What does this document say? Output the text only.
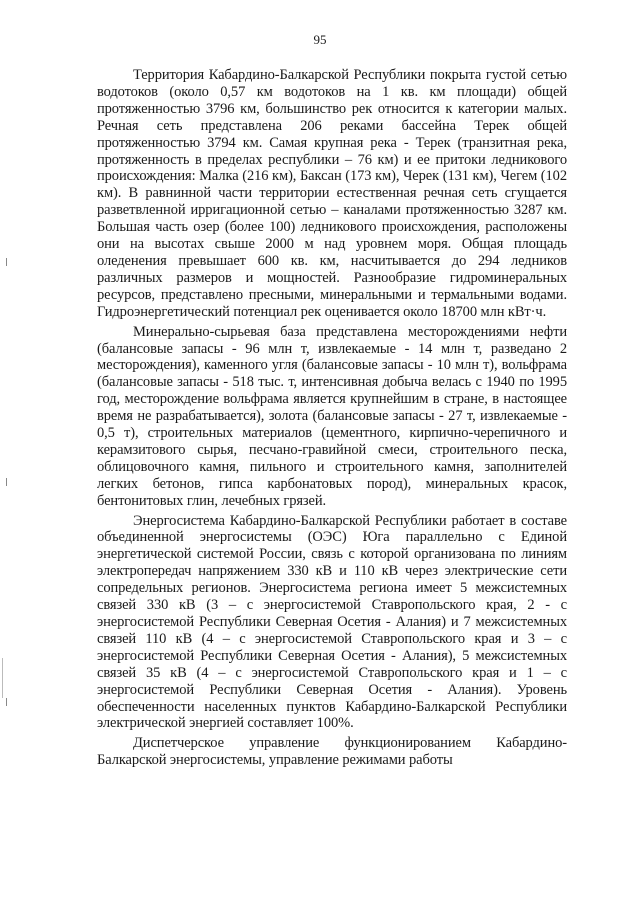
95

Территория Кабардино-Балкарской Республики покрыта густой сетью водотоков (около 0,57 км водотоков на 1 кв. км площади) общей протяженностью 3796 км, большинство рек относится к категории малых. Речная сеть представлена 206 реками бассейна Терек общей протяженностью 3794 км. Самая крупная река - Терек (транзитная река, протяженность в пределах республики – 76 км) и ее притоки ледникового происхождения: Малка (216 км), Баксан (173 км), Черек (131 км), Чегем (102 км). В равнинной части территории естественная речная сеть сгущается разветвленной ирригационной сетью – каналами протяженностью 3287 км. Большая часть озер (более 100) ледникового происхождения, расположены они на высотах свыше 2000 м над уровнем моря. Общая площадь оледенения превышает 600 кв. км, насчитывается до 294 ледников различных размеров и мощностей. Разнообразие гидроминеральных ресурсов, представлено пресными, минеральными и термальными водами. Гидроэнергетический потенциал рек оценивается около 18700 млн кВт·ч.

Минерально-сырьевая база представлена месторождениями нефти (балансовые запасы - 96 млн т, извлекаемые - 14 млн т, разведано 2 месторождения), каменного угля (балансовые запасы - 10 млн т), вольфрама (балансовые запасы - 518 тыс. т, интенсивная добыча велась с 1940 по 1995 год, месторождение вольфрама является крупнейшим в стране, в настоящее время не разрабатывается), золота (балансовые запасы - 27 т, извлекаемые - 0,5 т), строительных материалов (цементного, кирпично-черепичного и керамзитового сырья, песчано-гравийной смеси, строительного песка, облицовочного камня, пильного и строительного камня, заполнителей легких бетонов, гипса карбонатовых пород), минеральных красок, бентонитовых глин, лечебных грязей.

Энергосистема Кабардино-Балкарской Республики работает в составе объединенной энергосистемы (ОЭС) Юга параллельно с Единой энергетической системой России, связь с которой организована по линиям электропередач напряжением 330 кВ и 110 кВ через электрические сети сопредельных регионов. Энергосистема региона имеет 5 межсистемных связей 330 кВ (3 – с энергосистемой Ставропольского края, 2 - с энергосистемой Республики Северная Осетия - Алания) и 7 межсистемных связей 110 кВ (4 – с энергосистемой Ставропольского края и 3 – с энергосистемой Республики Северная Осетия - Алания), 5 межсистемных связей 35 кВ (4 – с энергосистемой Ставропольского края и 1 – с энергосистемой Республики Северная Осетия - Алания). Уровень обеспеченности населенных пунктов Кабардино-Балкарской Республики электрической энергией составляет 100%.

Диспетчерское управление функционированием Кабардино-Балкарской энергосистемы, управление режимами работы
